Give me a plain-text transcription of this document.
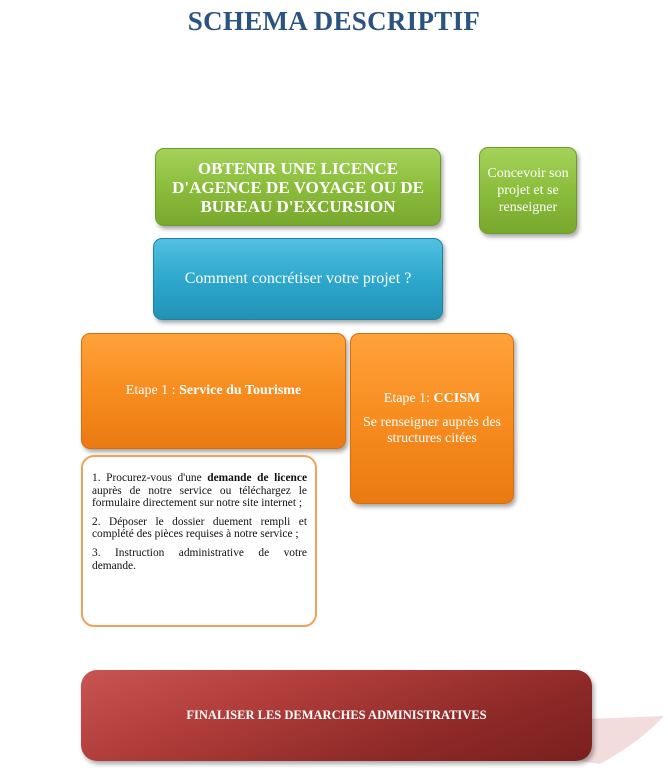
SCHEMA DESCRIPTIF
OBTENIR UNE LICENCE D'AGENCE DE VOYAGE OU DE BUREAU D'EXCURSION
Concevoir son projet et se renseigner
Comment concrétiser votre projet ?
Etape 1 : Service du Tourisme	Etape 1: CCISM
Se renseigner auprès des structures citées

1. Procurez-vous d'une demande de licence auprès de notre service ou téléchargez le formulaire directement sur notre site internet ;

2. Déposer le dossier duement rempli et complété des pièces requises à notre service ;

3. Instruction administrative de votre demande.

FINALISER LES DEMARCHES ADMINISTRATIVES
